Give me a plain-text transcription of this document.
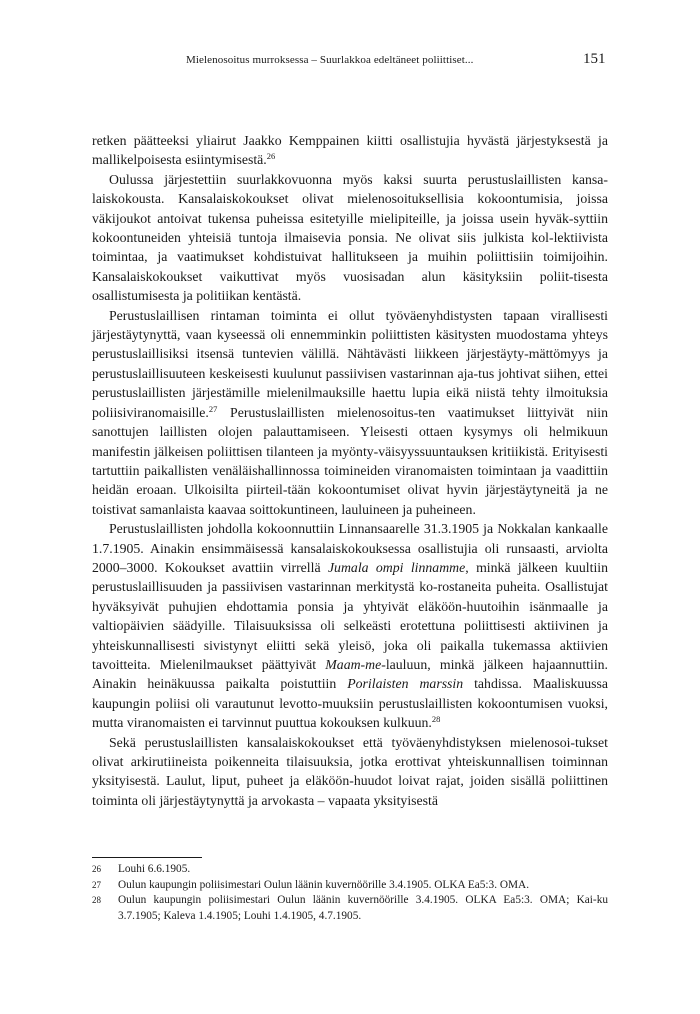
Mielenosoitus murroksessa – Suurlakkoa edeltäneet poliittiset...	151

retken päätteeksi yliairut Jaakko Kemppainen kiitti osallistujia hyvästä järjestyksestä ja mallikelpoisesta esiintymisestä.$^{26}$

Oulussa järjestettiin suurlakkovuonna myös kaksi suurta perustuslaillisten kansa-laiskokousta. Kansalaiskokoukset olivat mielenosoituksellisia kokoontumisia, joissa väkijoukot antoivat tukensa puheissa esitetyille mielipiteille, ja joissa usein hyväk-syttiin kokoontuneiden yhteisiä tuntoja ilmaisevia ponsia. Ne olivat siis julkista kol-lektiivista toimintaa, ja vaatimukset kohdistuivat hallitukseen ja muihin poliittisiin toimijoihin. Kansalaiskokoukset vaikuttivat myös vuosisadan alun käsityksiin poliit-tisesta osallistumisesta ja politiikan kentästä.

Perustuslaillisen rintaman toiminta ei ollut työväenyhdistysten tapaan virallisesti järjestäytynyttä, vaan kyseessä oli ennemminkin poliittisten käsitysten muodostama yhteys perustuslaillisiksi itsensä tuntevien välillä. Nähtävästi liikkeen järjestäyty-mättömyys ja perustuslaillisuuteen keskeisesti kuulunut passiivisen vastarinnan aja-tus johtivat siihen, ettei perustuslaillisten järjestämille mielenilmauksille haettu lupia eikä niistä tehty ilmoituksia poliisiviranomaisille.$^{27}$ Perustuslaillisten mielenosoitus-ten vaatimukset liittyivät niin sanottujen laillisten olojen palauttamiseen. Yleisesti ottaen kysymys oli helmikuun manifestin jälkeisen poliittisen tilanteen ja myönty-väisyyssuuntauksen kritiikistä. Erityisesti tartuttiin paikallisten venäläishallinnossa toimineiden viranomaisten toimintaan ja vaadittiin heidän eroaan. Ulkoisilta piirteil-tään kokoontumiset olivat hyvin järjestäytyneitä ja ne toistivat samanlaista kaavaa soittokuntineen, lauluineen ja puheineen.

Perustuslaillisten johdolla kokoonnuttiin Linnansaarelle 31.3.1905 ja Nokkalan kankaalle 1.7.1905. Ainakin ensimmäisessä kansalaiskokouksessa osallistujia oli runsaasti, arviolta 2000–3000. Kokoukset avattiin virrellä Jumala ompi linnamme, minkä jälkeen kuultiin perustuslaillisuuden ja passiivisen vastarinnan merkitystä ko-rostaneita puheita. Osallistujat hyväksyivät puhujien ehdottamia ponsia ja yhtyivät eläköön-huutoihin isänmaalle ja valtiopäivien säädyille. Tilaisuuksissa oli selkeästi erotettuna poliittisesti aktiivinen ja yhteiskunnallisesti sivistynyt eliitti sekä yleisö, joka oli paikalla tukemassa aktiivien tavoitteita. Mielenilmaukset päättyivät Maam-me-lauluun, minkä jälkeen hajaannuttiin. Ainakin heinäkuussa paikalta poistuttiin Porilaisten marssin tahdissa. Maaliskuussa kaupungin poliisi oli varautunut levotto-muuksiin perustuslaillisten kokoontumisen vuoksi, mutta viranomaisten ei tarvinnut puuttua kokouksen kulkuun.$^{28}$

Sekä perustuslaillisten kansalaiskokoukset että työväenyhdistyksen mielenosoi-tukset olivat arkirutiineista poikenneita tilaisuuksia, jotka erottivat yhteiskunnallisen toiminnan yksityisestä. Laulut, liput, puheet ja eläköön-huudot loivat rajat, joiden sisällä poliittinen toiminta oli järjestäytynyttä ja arvokasta – vapaata yksityisestä

26	Louhi 6.6.1905.
27	Oulun kaupungin poliisimestari Oulun läänin kuvernöörille 3.4.1905. OLKA Ea5:3. OMA.
28	Oulun kaupungin poliisimestari Oulun läänin kuvernöörille 3.4.1905. OLKA Ea5:3. OMA; Kai-ku 3.7.1905; Kaleva 1.4.1905; Louhi 1.4.1905, 4.7.1905.
